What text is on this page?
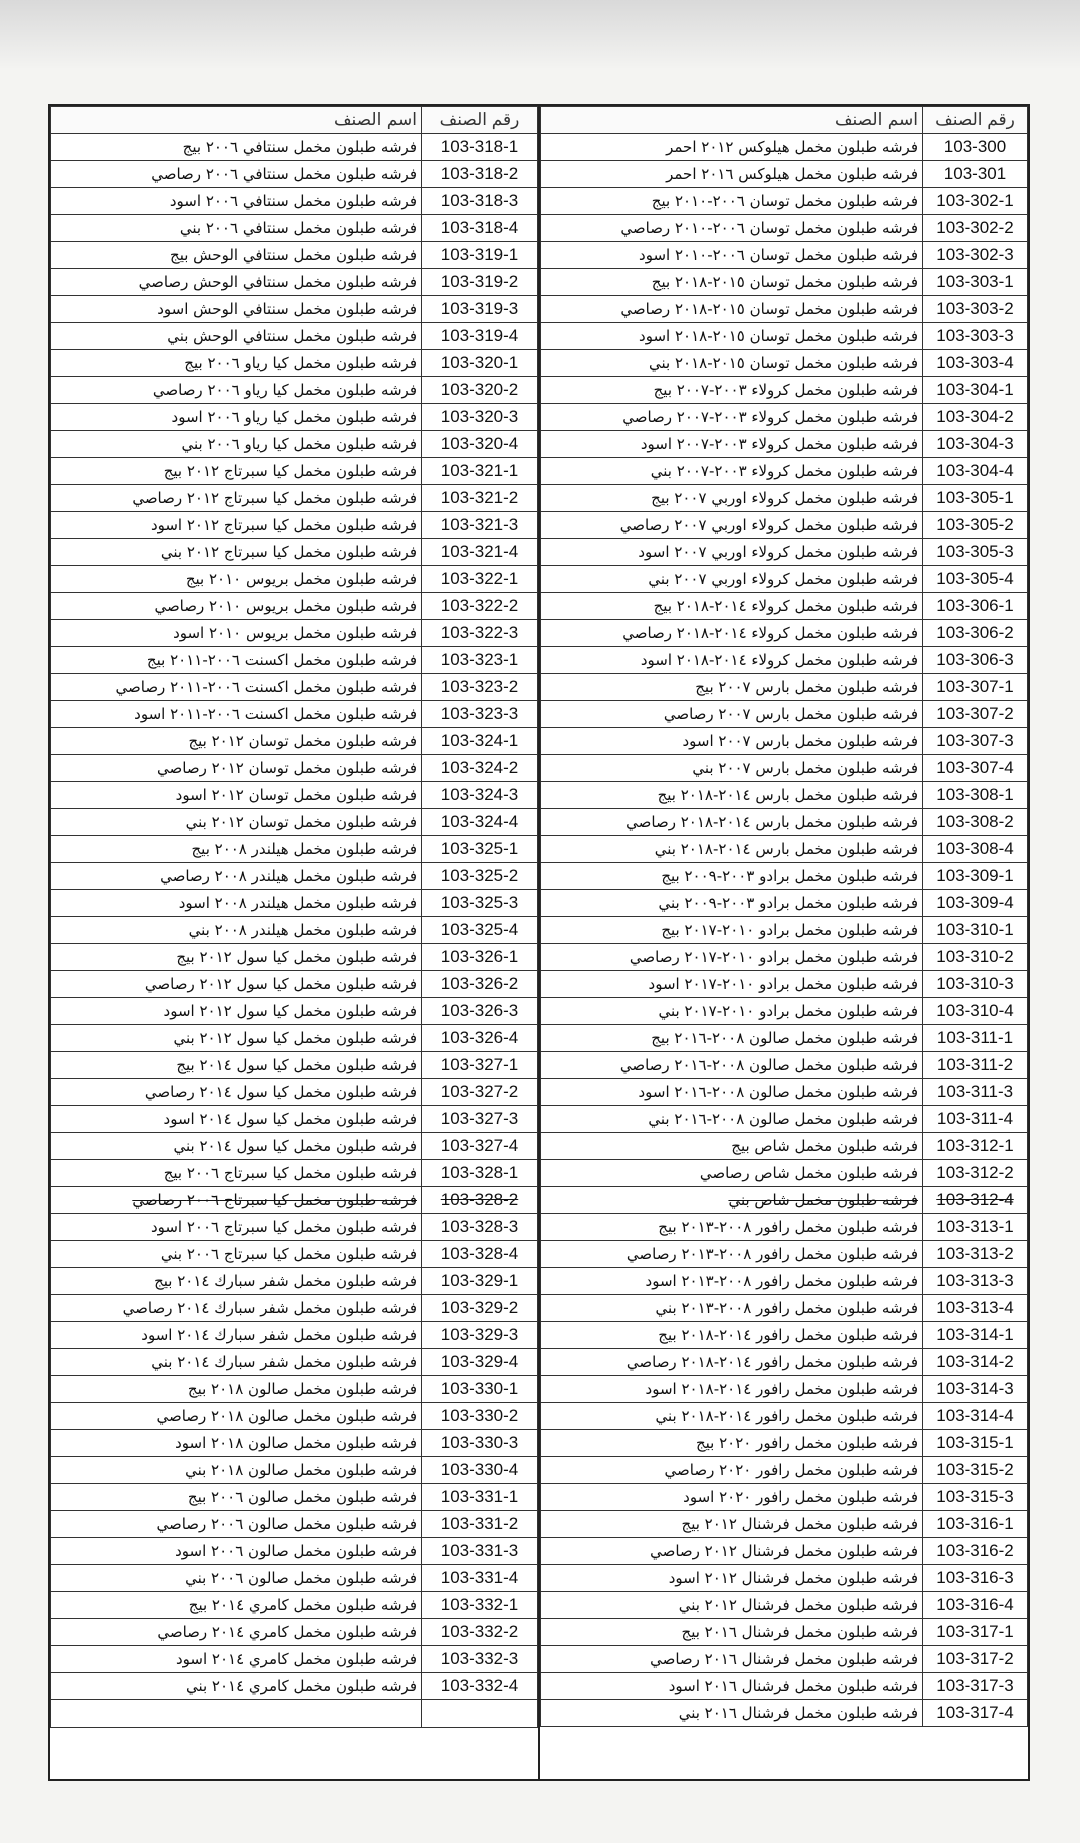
رقم الصنف	اسم الصنف
103-318-1	فرشه طبلون مخمل سنتافي ٢٠٠٦ بيج
103-318-2	فرشه طبلون مخمل سنتافي ٢٠٠٦ رصاصي
103-318-3	فرشه طبلون مخمل سنتافي ٢٠٠٦ اسود
103-318-4	فرشه طبلون مخمل سنتافي ٢٠٠٦ بني
103-319-1	فرشه طبلون مخمل سنتافي الوحش بيج
103-319-2	فرشه طبلون مخمل سنتافي الوحش رصاصي
103-319-3	فرشه طبلون مخمل سنتافي الوحش اسود
103-319-4	فرشه طبلون مخمل سنتافي الوحش بني
103-320-1	فرشه طبلون مخمل كيا رياو ٢٠٠٦ بيج
103-320-2	فرشه طبلون مخمل كيا رياو ٢٠٠٦ رصاصي
103-320-3	فرشه طبلون مخمل كيا رياو ٢٠٠٦ اسود
103-320-4	فرشه طبلون مخمل كيا رياو ٢٠٠٦ بني
103-321-1	فرشه طبلون مخمل كيا سبرتاج ٢٠١٢ بيج
103-321-2	فرشه طبلون مخمل كيا سبرتاج ٢٠١٢ رصاصي
103-321-3	فرشه طبلون مخمل كيا سبرتاج ٢٠١٢ اسود
103-321-4	فرشه طبلون مخمل كيا سبرتاج ٢٠١٢ بني
103-322-1	فرشه طبلون مخمل بريوس ٢٠١٠ بيج
103-322-2	فرشه طبلون مخمل بريوس ٢٠١٠ رصاصي
103-322-3	فرشه طبلون مخمل بريوس ٢٠١٠ اسود
103-323-1	فرشه طبلون مخمل اكسنت ٢٠٠٦-٢٠١١ بيج
103-323-2	فرشه طبلون مخمل اكسنت ٢٠٠٦-٢٠١١ رصاصي
103-323-3	فرشه طبلون مخمل اكسنت ٢٠٠٦-٢٠١١ اسود
103-324-1	فرشه طبلون مخمل توسان ٢٠١٢ بيج
103-324-2	فرشه طبلون مخمل توسان ٢٠١٢ رصاصي
103-324-3	فرشه طبلون مخمل توسان ٢٠١٢ اسود
103-324-4	فرشه طبلون مخمل توسان ٢٠١٢ بني
103-325-1	فرشه طبلون مخمل هيلندر ٢٠٠٨ بيج
103-325-2	فرشه طبلون مخمل هيلندر ٢٠٠٨ رصاصي
103-325-3	فرشه طبلون مخمل هيلندر ٢٠٠٨ اسود
103-325-4	فرشه طبلون مخمل هيلندر ٢٠٠٨ بني
103-326-1	فرشه طبلون مخمل كيا سول ٢٠١٢ بيج
103-326-2	فرشه طبلون مخمل كيا سول ٢٠١٢ رصاصي
103-326-3	فرشه طبلون مخمل كيا سول ٢٠١٢ اسود
103-326-4	فرشه طبلون مخمل كيا سول ٢٠١٢ بني
103-327-1	فرشه طبلون مخمل كيا سول ٢٠١٤ بيج
103-327-2	فرشه طبلون مخمل كيا سول ٢٠١٤ رصاصي
103-327-3	فرشه طبلون مخمل كيا سول ٢٠١٤ اسود
103-327-4	فرشه طبلون مخمل كيا سول ٢٠١٤ بني
103-328-1	فرشه طبلون مخمل كيا سبرتاج ٢٠٠٦ بيج
103-328-2	فرشه طبلون مخمل كيا سبرتاج ٢٠٠٦ رصاصي
103-328-3	فرشه طبلون مخمل كيا سبرتاج ٢٠٠٦ اسود
103-328-4	فرشه طبلون مخمل كيا سبرتاج ٢٠٠٦ بني
103-329-1	فرشه طبلون مخمل شفر سبارك ٢٠١٤ بيج
103-329-2	فرشه طبلون مخمل شفر سبارك ٢٠١٤ رصاصي
103-329-3	فرشه طبلون مخمل شفر سبارك ٢٠١٤ اسود
103-329-4	فرشه طبلون مخمل شفر سبارك ٢٠١٤ بني
103-330-1	فرشه طبلون مخمل صالون ٢٠١٨ بيج
103-330-2	فرشه طبلون مخمل صالون ٢٠١٨ رصاصي
103-330-3	فرشه طبلون مخمل صالون ٢٠١٨ اسود
103-330-4	فرشه طبلون مخمل صالون ٢٠١٨ بني
103-331-1	فرشه طبلون مخمل صالون ٢٠٠٦ بيج
103-331-2	فرشه طبلون مخمل صالون ٢٠٠٦ رصاصي
103-331-3	فرشه طبلون مخمل صالون ٢٠٠٦ اسود
103-331-4	فرشه طبلون مخمل صالون ٢٠٠٦ بني
103-332-1	فرشه طبلون مخمل كامري ٢٠١٤ بيج
103-332-2	فرشه طبلون مخمل كامري ٢٠١٤ رصاصي
103-332-3	فرشه طبلون مخمل كامري ٢٠١٤ اسود
103-332-4	فرشه طبلون مخمل كامري ٢٠١٤ بني

رقم الصنف	اسم الصنف
103-300	فرشه طبلون مخمل هيلوكس ٢٠١٢ احمر
103-301	فرشه طبلون مخمل هيلوكس ٢٠١٦ احمر
103-302-1	فرشه طبلون مخمل توسان ٢٠٠٦-٢٠١٠ بيج
103-302-2	فرشه طبلون مخمل توسان ٢٠٠٦-٢٠١٠ رصاصي
103-302-3	فرشه طبلون مخمل توسان ٢٠٠٦-٢٠١٠ اسود
103-303-1	فرشه طبلون مخمل توسان ٢٠١٥-٢٠١٨ بيج
103-303-2	فرشه طبلون مخمل توسان ٢٠١٥-٢٠١٨ رصاصي
103-303-3	فرشه طبلون مخمل توسان ٢٠١٥-٢٠١٨ اسود
103-303-4	فرشه طبلون مخمل توسان ٢٠١٥-٢٠١٨ بني
103-304-1	فرشه طبلون مخمل كرولاء ٢٠٠٣-٢٠٠٧ بيج
103-304-2	فرشه طبلون مخمل كرولاء ٢٠٠٣-٢٠٠٧ رصاصي
103-304-3	فرشه طبلون مخمل كرولاء ٢٠٠٣-٢٠٠٧ اسود
103-304-4	فرشه طبلون مخمل كرولاء ٢٠٠٣-٢٠٠٧ بني
103-305-1	فرشه طبلون مخمل كرولاء اوربي ٢٠٠٧ بيج
103-305-2	فرشه طبلون مخمل كرولاء اوربي ٢٠٠٧ رصاصي
103-305-3	فرشه طبلون مخمل كرولاء اوربي ٢٠٠٧ اسود
103-305-4	فرشه طبلون مخمل كرولاء اوربي ٢٠٠٧ بني
103-306-1	فرشه طبلون مخمل كرولاء ٢٠١٤-٢٠١٨ بيج
103-306-2	فرشه طبلون مخمل كرولاء ٢٠١٤-٢٠١٨ رصاصي
103-306-3	فرشه طبلون مخمل كرولاء ٢٠١٤-٢٠١٨ اسود
103-307-1	فرشه طبلون مخمل بارس ٢٠٠٧ بيج
103-307-2	فرشه طبلون مخمل بارس ٢٠٠٧ رصاصي
103-307-3	فرشه طبلون مخمل بارس ٢٠٠٧ اسود
103-307-4	فرشه طبلون مخمل بارس ٢٠٠٧ بني
103-308-1	فرشه طبلون مخمل بارس ٢٠١٤-٢٠١٨ بيج
103-308-2	فرشه طبلون مخمل بارس ٢٠١٤-٢٠١٨ رصاصي
103-308-4	فرشه طبلون مخمل بارس ٢٠١٤-٢٠١٨ بني
103-309-1	فرشه طبلون مخمل برادو ٢٠٠٣-٢٠٠٩ بيج
103-309-4	فرشه طبلون مخمل برادو ٢٠٠٣-٢٠٠٩ بني
103-310-1	فرشه طبلون مخمل برادو ٢٠١٠-٢٠١٧ بيج
103-310-2	فرشه طبلون مخمل برادو ٢٠١٠-٢٠١٧ رصاصي
103-310-3	فرشه طبلون مخمل برادو ٢٠١٠-٢٠١٧ اسود
103-310-4	فرشه طبلون مخمل برادو ٢٠١٠-٢٠١٧ بني
103-311-1	فرشه طبلون مخمل صالون ٢٠٠٨-٢٠١٦ بيج
103-311-2	فرشه طبلون مخمل صالون ٢٠٠٨-٢٠١٦ رصاصي
103-311-3	فرشه طبلون مخمل صالون ٢٠٠٨-٢٠١٦ اسود
103-311-4	فرشه طبلون مخمل صالون ٢٠٠٨-٢٠١٦ بني
103-312-1	فرشه طبلون مخمل شاص بيج
103-312-2	فرشه طبلون مخمل شاص رصاصي
103-312-4	فرشه طبلون مخمل شاص بني
103-313-1	فرشه طبلون مخمل رافور ٢٠٠٨-٢٠١٣ بيج
103-313-2	فرشه طبلون مخمل رافور ٢٠٠٨-٢٠١٣ رصاصي
103-313-3	فرشه طبلون مخمل رافور ٢٠٠٨-٢٠١٣ اسود
103-313-4	فرشه طبلون مخمل رافور ٢٠٠٨-٢٠١٣ بني
103-314-1	فرشه طبلون مخمل رافور ٢٠١٤-٢٠١٨ بيج
103-314-2	فرشه طبلون مخمل رافور ٢٠١٤-٢٠١٨ رصاصي
103-314-3	فرشه طبلون مخمل رافور ٢٠١٤-٢٠١٨ اسود
103-314-4	فرشه طبلون مخمل رافور ٢٠١٤-٢٠١٨ بني
103-315-1	فرشه طبلون مخمل رافور ٢٠٢٠ بيج
103-315-2	فرشه طبلون مخمل رافور ٢٠٢٠ رصاصي
103-315-3	فرشه طبلون مخمل رافور ٢٠٢٠ اسود
103-316-1	فرشه طبلون مخمل فرشنال ٢٠١٢ بيج
103-316-2	فرشه طبلون مخمل فرشنال ٢٠١٢ رصاصي
103-316-3	فرشه طبلون مخمل فرشنال ٢٠١٢ اسود
103-316-4	فرشه طبلون مخمل فرشنال ٢٠١٢ بني
103-317-1	فرشه طبلون مخمل فرشنال ٢٠١٦ بيج
103-317-2	فرشه طبلون مخمل فرشنال ٢٠١٦ رصاصي
103-317-3	فرشه طبلون مخمل فرشنال ٢٠١٦ اسود
103-317-4	فرشه طبلون مخمل فرشنال ٢٠١٦ بني
